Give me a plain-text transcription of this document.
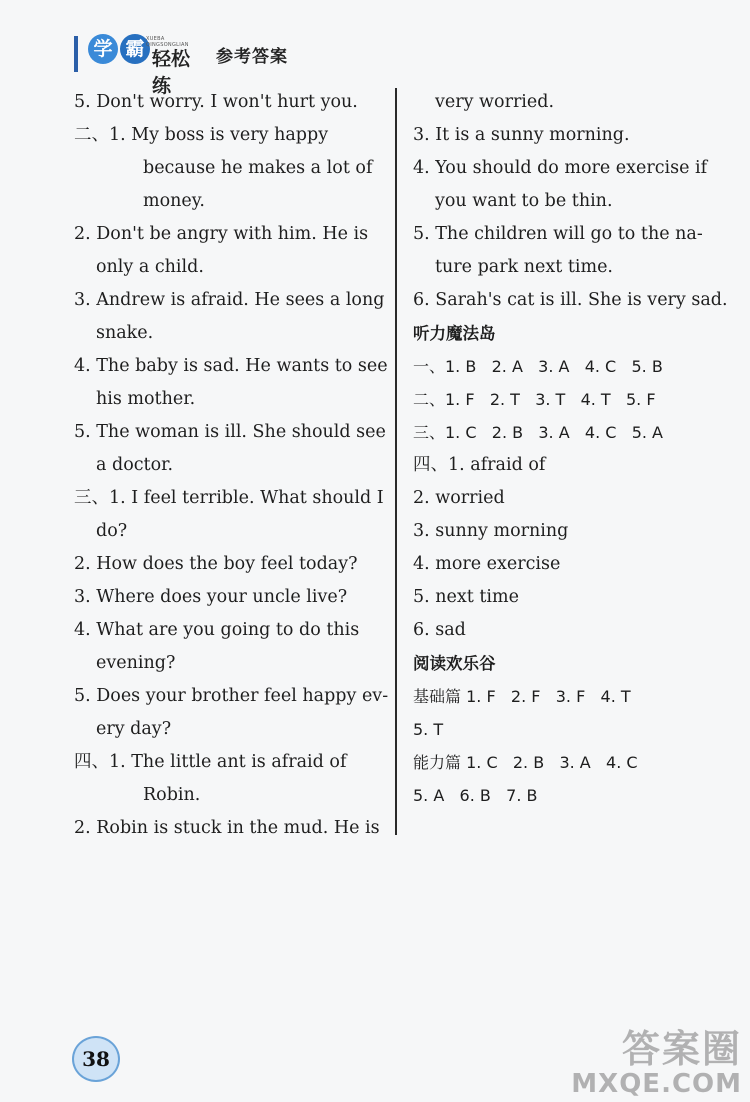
学 霸 XUEBA QINGSONGLIAN
轻松练
参考答案
5. Don't worry. I won't hurt you.
二、1. My boss is very happy
because he makes a lot of
money.
2. Don't be angry with him. He is
only a child.
3. Andrew is afraid. He sees a long
snake.
4. The baby is sad. He wants to see
his mother.
5. The woman is ill. She should see
a doctor.
三、1. I feel terrible. What should I
do?
2. How does the boy feel today?
3. Where does your uncle live?
4. What are you going to do this
evening?
5. Does your brother feel happy ev-
ery day?
四、1. The little ant is afraid of
Robin.
2. Robin is stuck in the mud. He is
very worried.
3. It is a sunny morning.
4. You should do more exercise if
you want to be thin.
5. The children will go to the na-
ture park next time.
6. Sarah's cat is ill. She is very sad.
听力魔法岛
一、1. B   2. A   3. A   4. C   5. B
二、1. F   2. T   3. T   4. T   5. F
三、1. C   2. B   3. A   4. C   5. A
四、1. afraid of
2. worried
3. sunny morning
4. more exercise
5. next time
6. sad
阅读欢乐谷
基础篇 1. F   2. F   3. F   4. T
5. T
能力篇 1. C   2. B   3. A   4. C
5. A   6. B   7. B
38	答案圈
MXQE.COM
